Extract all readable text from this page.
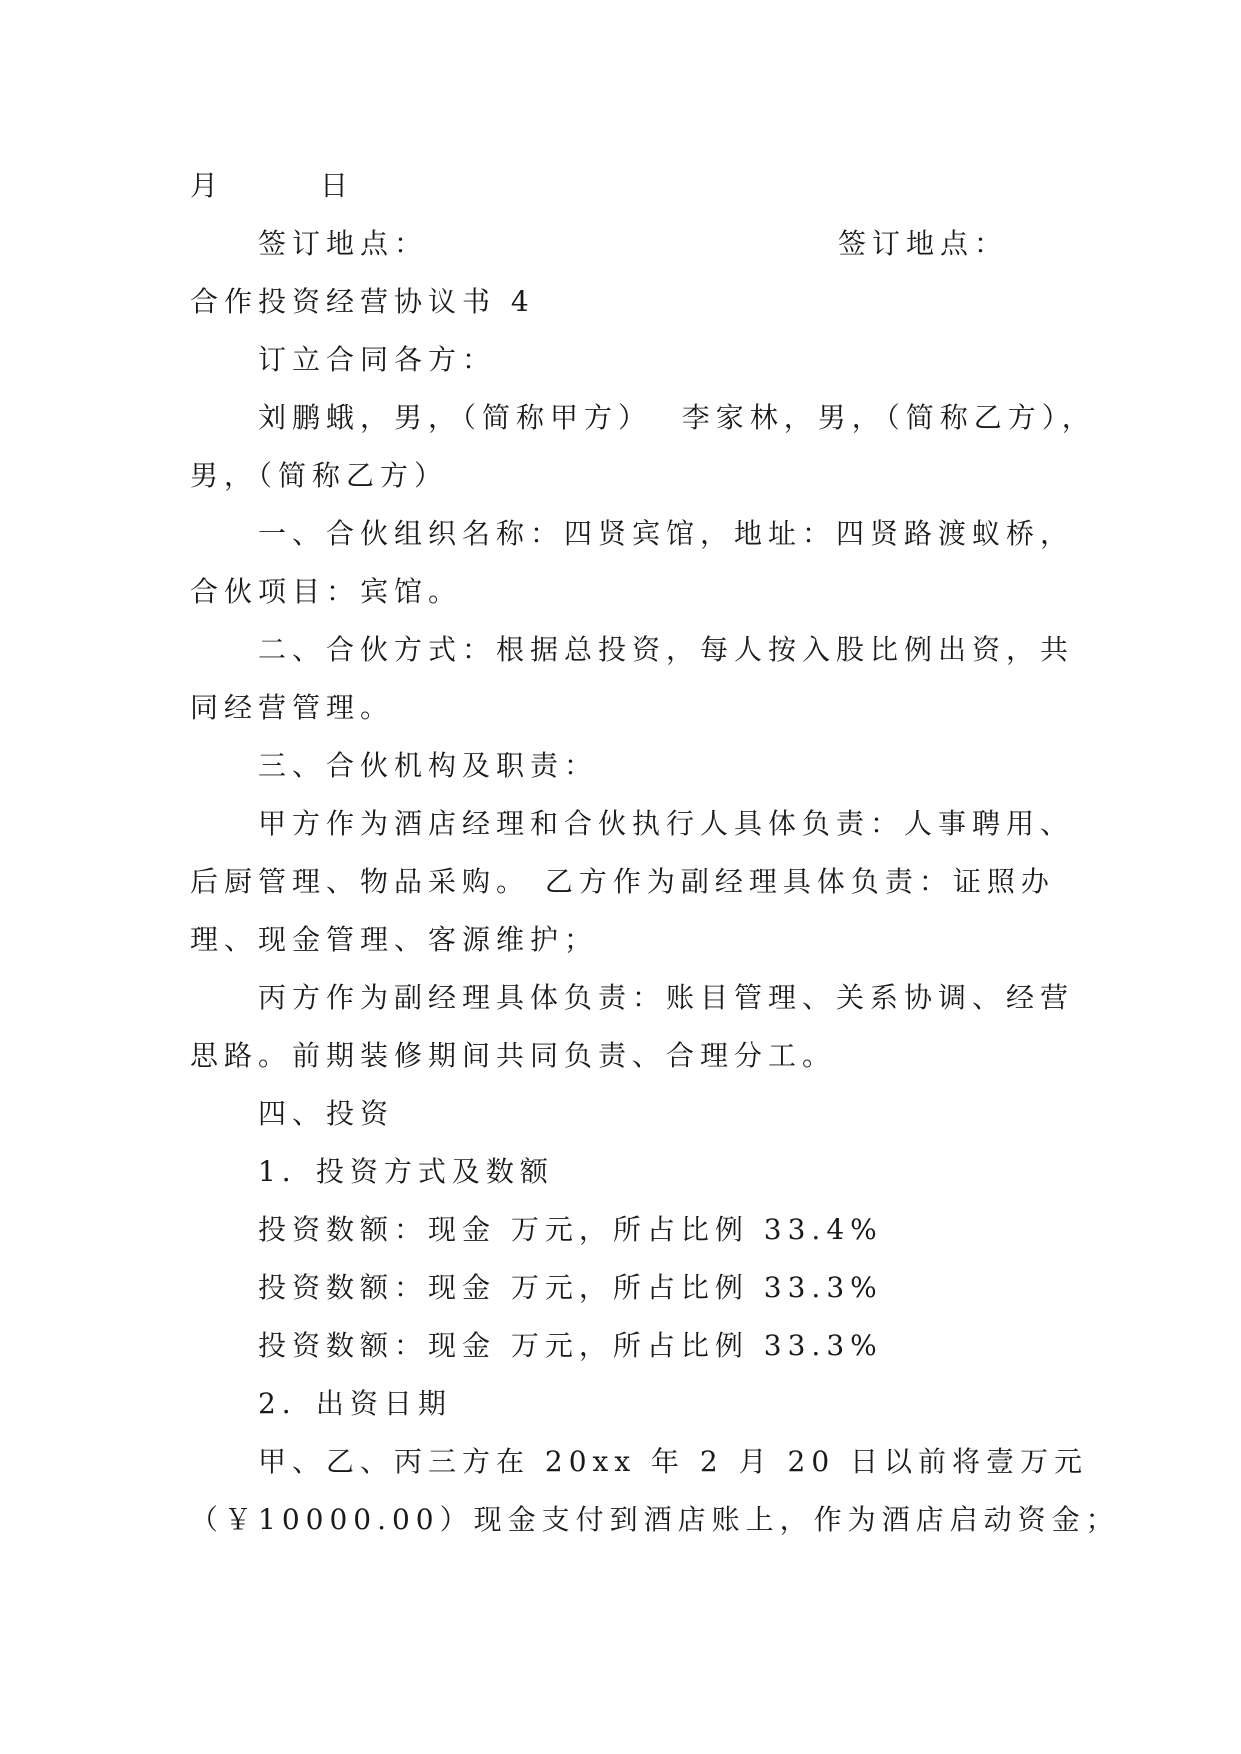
月	日
签订地点：	签订地点：
合作投资经营协议书 4
订立合同各方：
刘鹏蛾，男，（简称甲方）  李家林，男，（简称乙方），
男，（简称乙方）
一、合伙组织名称：四贤宾馆，地址：四贤路渡蚁桥，
合伙项目：宾馆。
二、合伙方式：根据总投资，每人按入股比例出资，共
同经营管理。
三、合伙机构及职责：
甲方作为酒店经理和合伙执行人具体负责：人事聘用、
后厨管理、物品采购。 乙方作为副经理具体负责：证照办
理、现金管理、客源维护；
丙方作为副经理具体负责：账目管理、关系协调、经营
思路。前期装修期间共同负责、合理分工。
四、投资
1．投资方式及数额
投资数额：现金 万元，所占比例 33.4%
投资数额：现金 万元，所占比例 33.3%
投资数额：现金 万元，所占比例 33.3%
2．出资日期
甲、乙、丙三方在 20xx 年 2 月 20 日以前将壹万元
（￥10000.00）现金支付到酒店账上，作为酒店启动资金；
